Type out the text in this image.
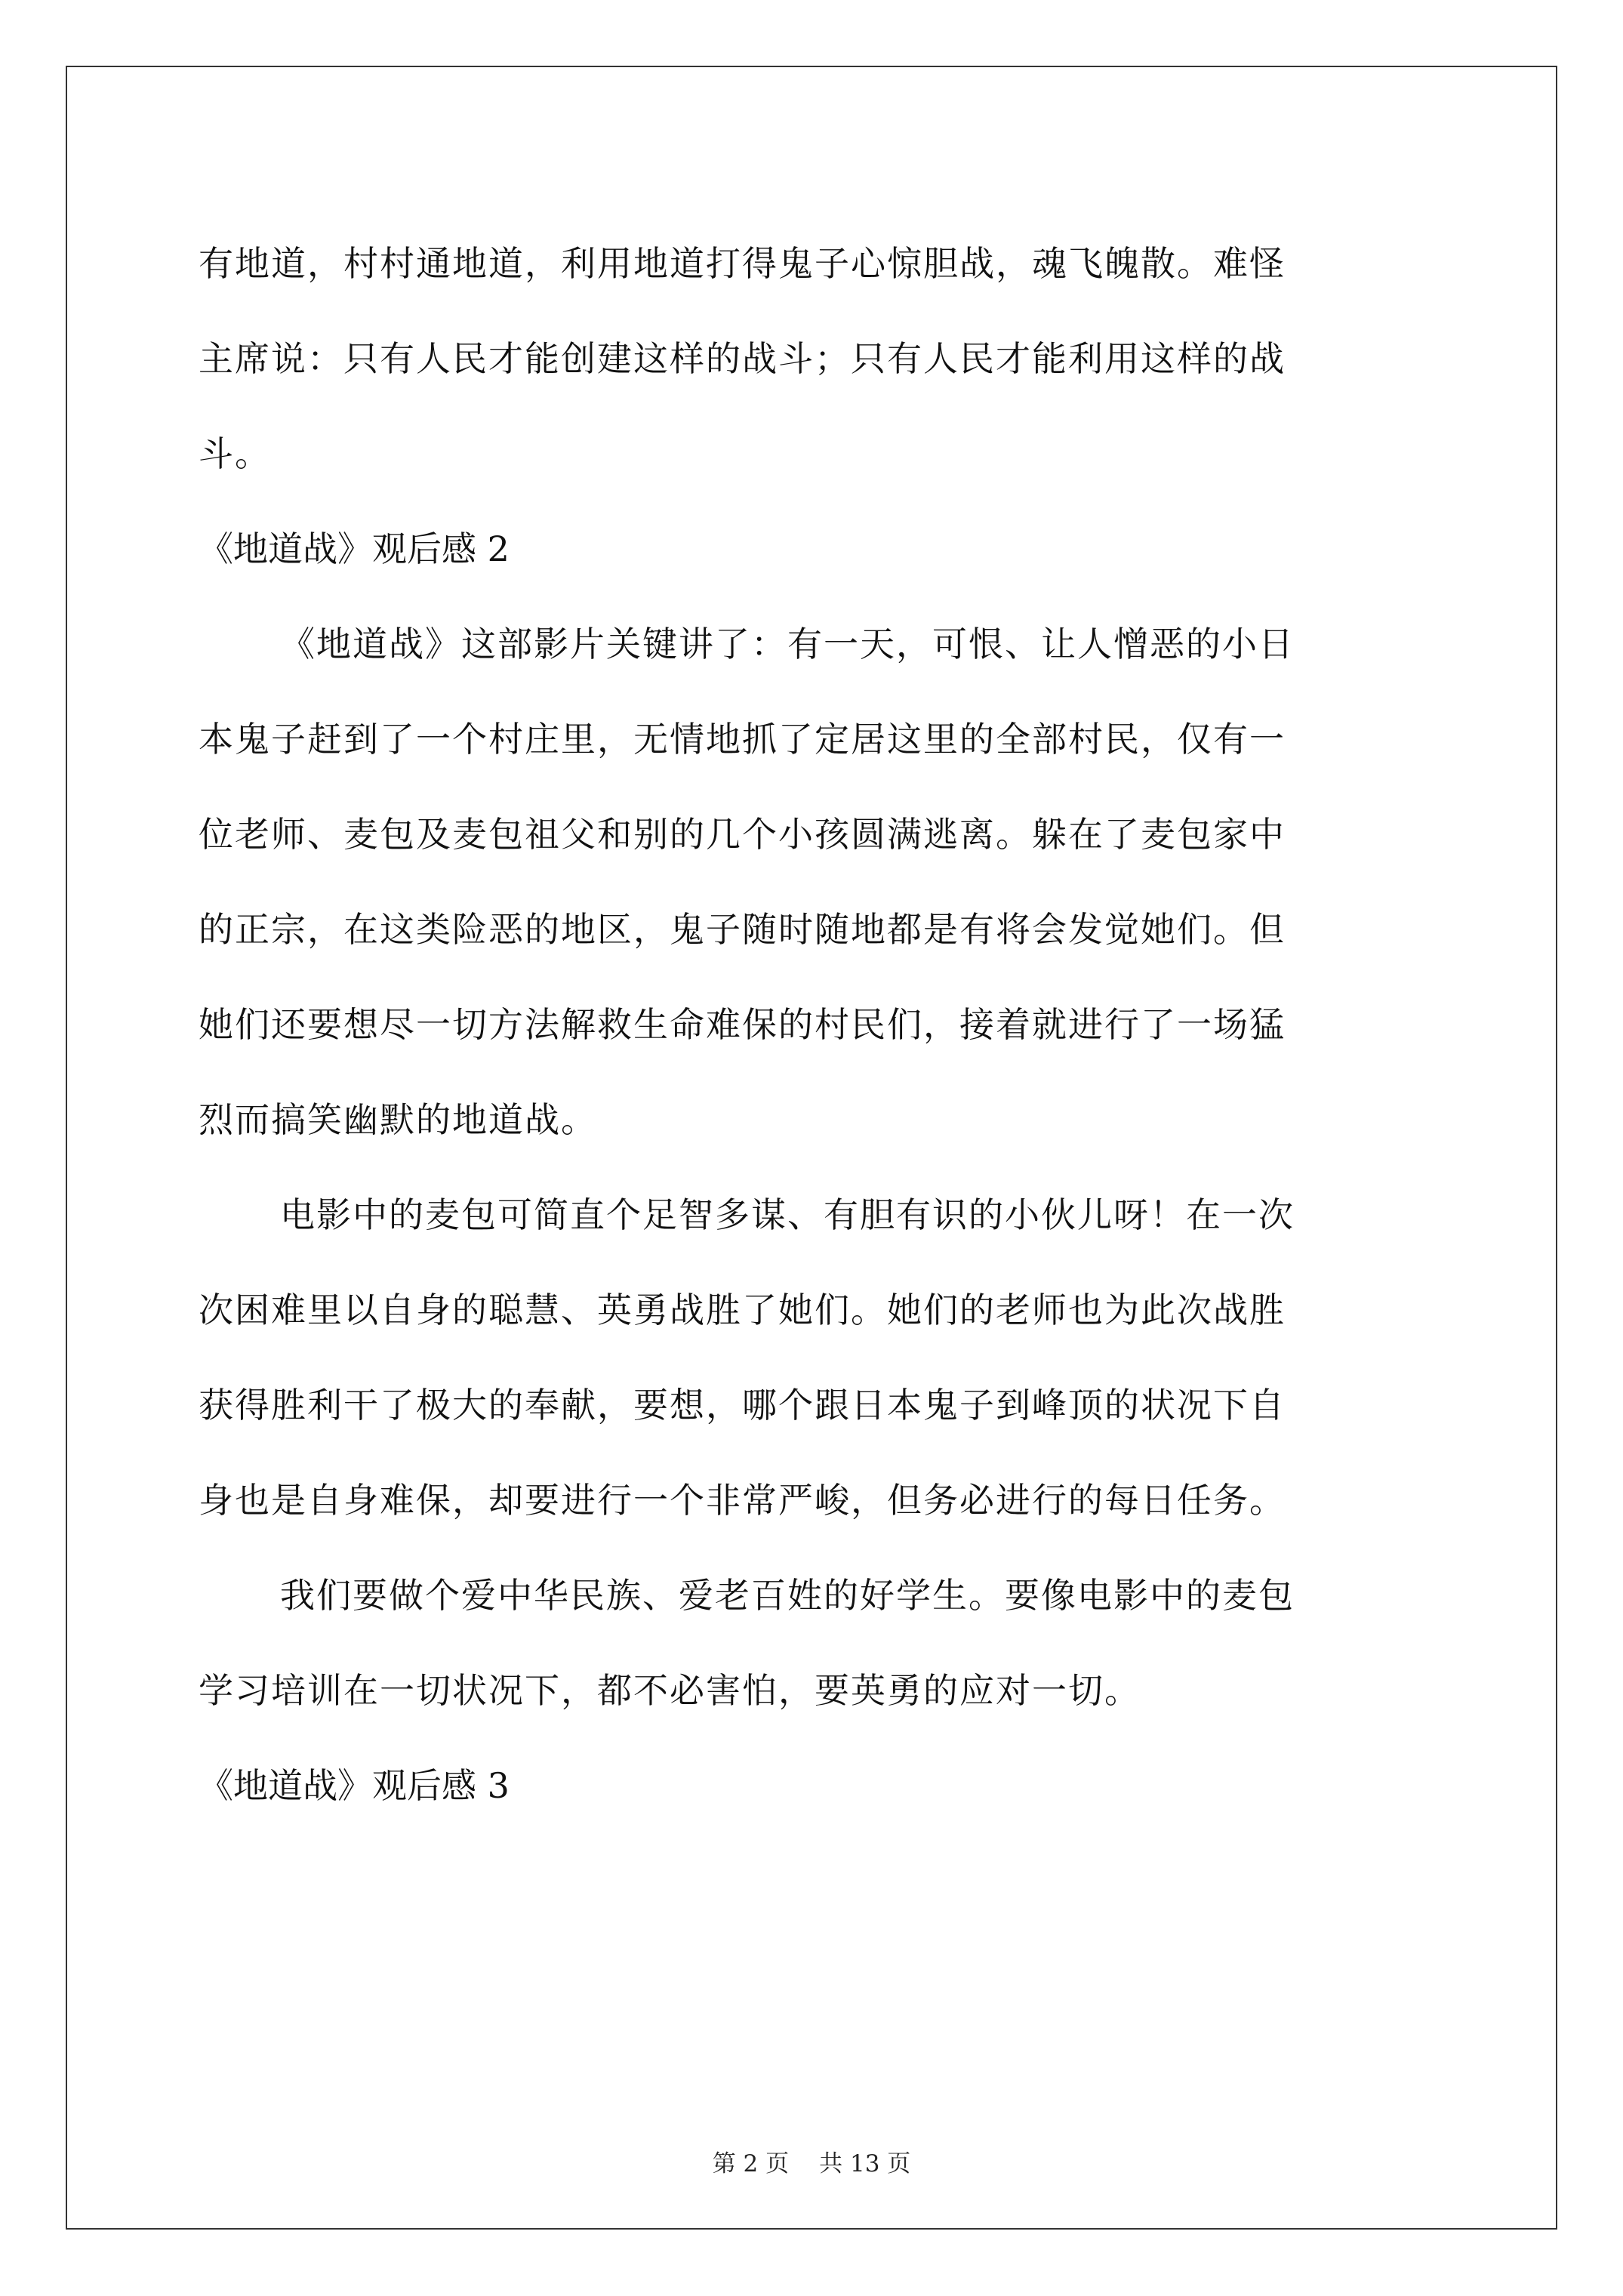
有地道，村村通地道，利用地道打得鬼子心惊胆战，魂飞魄散。难怪
主席说：只有人民才能创建这样的战斗；只有人民才能利用这样的战
斗。
《地道战》观后感 2
《地道战》这部影片关键讲了：有一天，可恨、让人憎恶的小日
本鬼子赶到了一个村庄里，无情地抓了定居这里的全部村民，仅有一
位老师、麦包及麦包祖父和别的几个小孩圆满逃离。躲在了麦包家中
的正宗，在这类险恶的地区，鬼子随时随地都是有将会发觉她们。但
她们还要想尽一切方法解救生命难保的村民们，接着就进行了一场猛
烈而搞笑幽默的地道战。
电影中的麦包可简直个足智多谋、有胆有识的小伙儿呀！在一次
次困难里以自身的聪慧、英勇战胜了她们。她们的老师也为此次战胜
获得胜利干了极大的奉献，要想，哪个跟日本鬼子到峰顶的状况下自
身也是自身难保，却要进行一个非常严峻，但务必进行的每日任务。
我们要做个爱中华民族、爱老百姓的好学生。要像电影中的麦包
学习培训在一切状况下，都不必害怕，要英勇的应对一切。
《地道战》观后感 3
第 2 页 共 13 页
